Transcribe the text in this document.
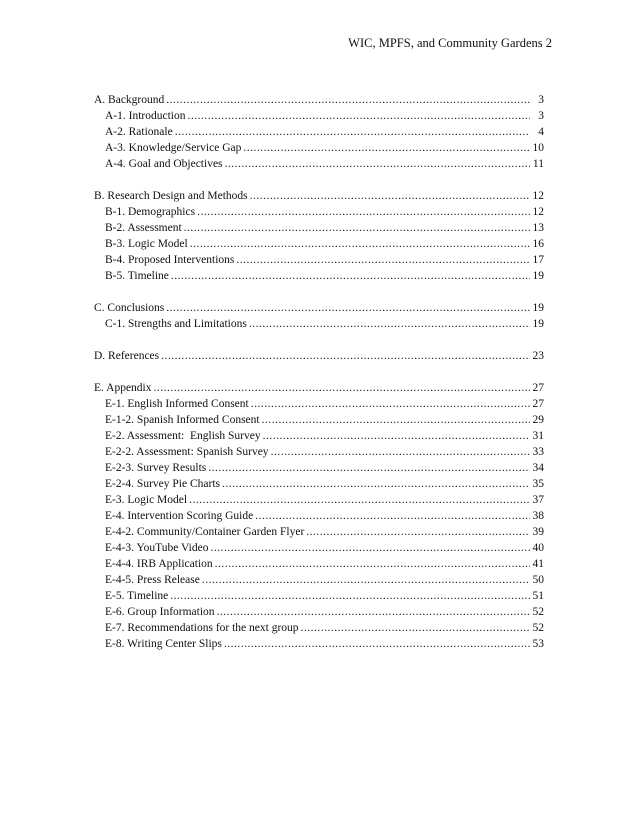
WIC, MPFS, and Community Gardens 2
A. Background .....	3
A-1. Introduction .....	3
A-2. Rationale .....	4
A-3. Knowledge/Service Gap .....	10
A-4. Goal and Objectives .....	11
B. Research Design and Methods .....	12
B-1. Demographics .....	12
B-2. Assessment .....	13
B-3. Logic Model .....	16
B-4. Proposed Interventions .....	17
B-5. Timeline .....	19
C. Conclusions .....	19
C-1. Strengths and Limitations .....	19
D. References .....	23
E. Appendix .....	27
E-1. English Informed Consent .....	27
E-1-2. Spanish Informed Consent .....	29
E-2. Assessment:  English Survey .....	31
E-2-2. Assessment: Spanish Survey .....	33
E-2-3. Survey Results .....	34
E-2-4. Survey Pie Charts .....	35
E-3. Logic Model .....	37
E-4. Intervention Scoring Guide .....	38
E-4-2. Community/Container Garden Flyer .....	39
E-4-3. YouTube Video .....	40
E-4-4. IRB Application .....	41
E-4-5. Press Release .....	50
E-5. Timeline .....	51
E-6. Group Information .....	52
E-7. Recommendations for the next group .....	52
E-8. Writing Center Slips .....	53
